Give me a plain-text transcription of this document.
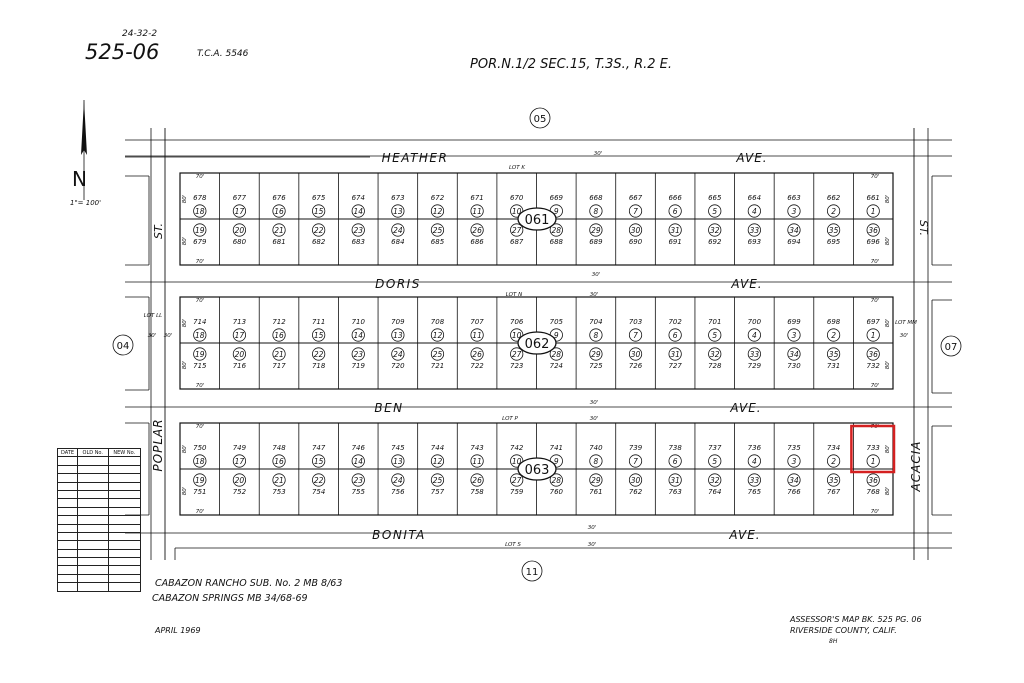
678
18
19
679
677
17
20
680
676
16
21
681
675
15
22
682
674
14
23
683
673
13
24
684
672
12
25
685
671
11
26
686
670
10
27
687
669
9
28
688
668
8
29
689
667
7
30
690
666
6
31
691
665
5
32
692
664
4
33
693
663
3
34
694
662
2
35
695
661
1
36
696
70'	70'
70'	70'
80'	80'
80'	80'
061
714
18
19
715
713
17
20
716
712
16
21
717
711
15
22
718
710
14
23
719
709
13
24
720
708
12
25
721
707
11
26
722
706
10
27
723
705
9
28
724
704
8
29
725
703
7
30
726
702
6
31
727
701
5
32
728
700
4
33
729
699
3
34
730
698
2
35
731
697
1
36
732
70'	70'
70'	70'
80'	80'
80'	80'
062
750
18
19
751
749
17
20
752
748
16
21
753
747
15
22
754
746
14
23
755
745
13
24
756
744
12
25
757
743
11
26
758
742
10
27
759
741
9
28
760
740
8
29
761
739
7
30
762
738
6
31
763
737
5
32
764
736
4
33
765
735
3
34
766
734
2
35
767
733
1
36
768
70'	70'
70'	70'
80'	80'
80'	80'
063
HEATHER	AVE.
DORIS	AVE.
BEN	AVE.
BONITA	AVE.
ST.	ST.
POPLAR	ACACIA
LOT K
30'
LOT N
30'
30'
LOT P
30'
30'
LOT S
30'
30'
LOT LL
LOT MM
30' 30'	30'
05
04	07
11
24-32-2
525-06	T.C.A. 5546
POR.N.1/2 SEC.15, T.3S., R.2 E.
N
1"= 100'
DATE	OLD No.	NEW No.

CABAZON RANCHO SUB. No. 2 MB 8/63
CABAZON SPRINGS MB 34/68-69
APRIL 1969
ASSESSOR'S MAP BK. 525 PG. 06
RIVERSIDE COUNTY, CALIF.
8H
